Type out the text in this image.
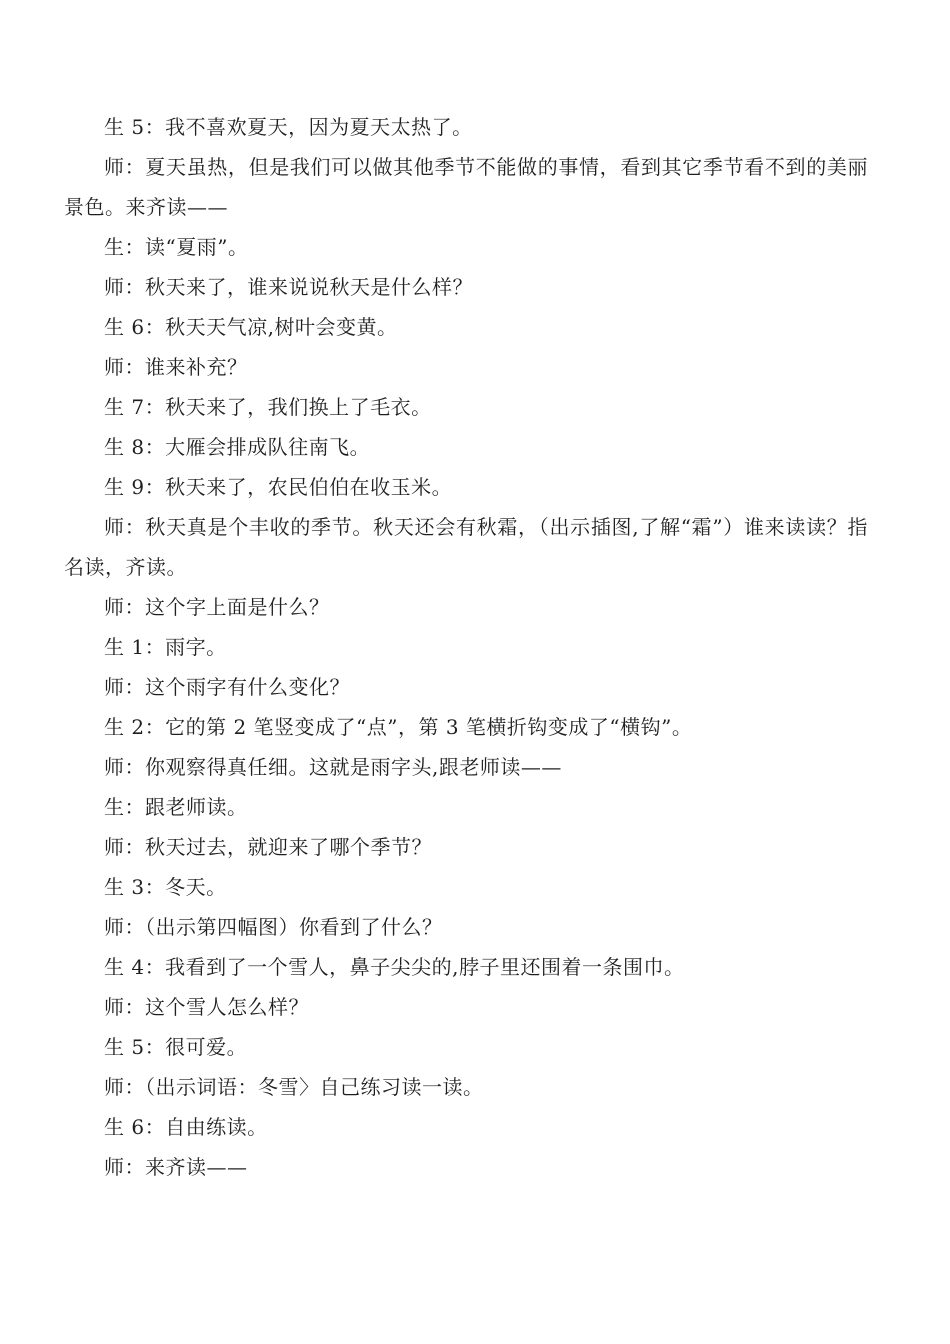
生 5：我不喜欢夏天，因为夏天太热了。

师：夏天虽热，但是我们可以做其他季节不能做的事情，看到其它季节看不到的美丽景色。来齐读——

生：读“夏雨”。

师：秋天来了，谁来说说秋天是什么样？

生 6：秋天天气凉,树叶会变黄。

师：谁来补充？

生 7：秋天来了，我们换上了毛衣。

生 8：大雁会排成队往南飞。

生 9：秋天来了，农民伯伯在收玉米。

师：秋天真是个丰收的季节。秋天还会有秋霜，（出示插图,了解“霜”）谁来读读？指名读，齐读。

师：这个字上面是什么？

生 1：雨字。

师：这个雨字有什么变化？

生 2：它的第 2 笔竖变成了“点”，第 3 笔横折钩变成了“横钩”。

师：你观察得真任细。这就是雨字头,跟老师读——

生：跟老师读。

师：秋天过去，就迎来了哪个季节？

生 3：冬天。

师：（出示第四幅图）你看到了什么？

生 4：我看到了一个雪人，鼻子尖尖的,脖子里还围着一条围巾。

师：这个雪人怎么样？

生 5：很可爱。

师：（出示词语：冬雪〉自己练习读一读。

生 6：自由练读。

师：来齐读——
